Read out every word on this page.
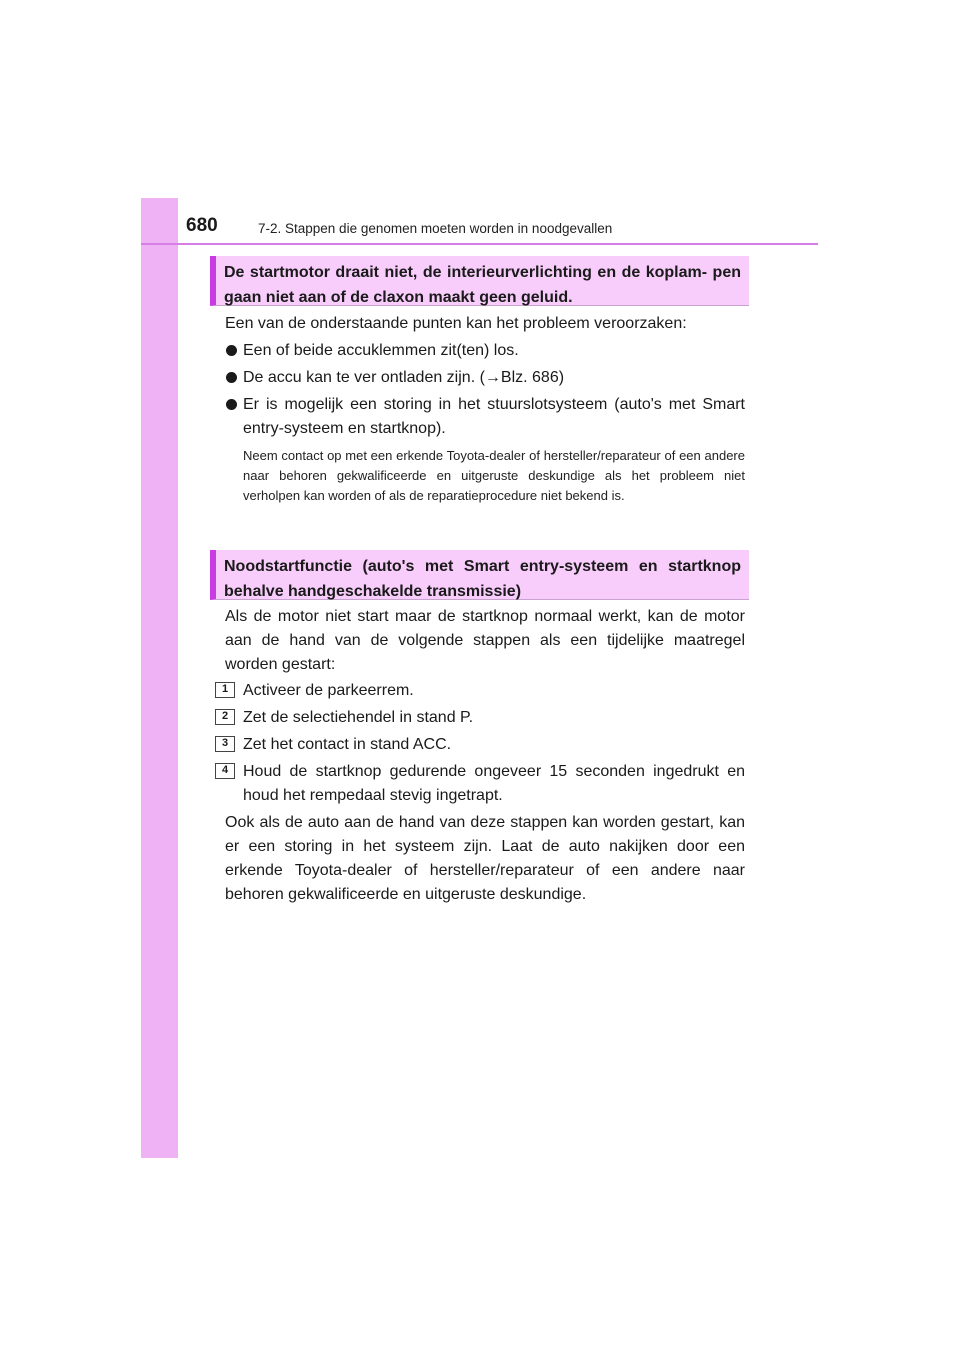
680	7-2. Stappen die genomen moeten worden in noodgevallen
De startmotor draait niet, de interieurverlichting en de koplam- pen gaan niet aan of de claxon maakt geen geluid.
Een van de onderstaande punten kan het probleem veroorzaken:
Een of beide accuklemmen zit(ten) los.
De accu kan te ver ontladen zijn. (→Blz. 686)
Er is mogelijk een storing in het stuurslotsysteem (auto's met Smart entry-systeem en startknop).
Neem contact op met een erkende Toyota-dealer of hersteller/reparateur of een andere naar behoren gekwalificeerde en uitgeruste deskundige als het probleem niet verholpen kan worden of als de reparatieprocedure niet bekend is.
Noodstartfunctie (auto's met Smart entry-systeem en startknop behalve handgeschakelde transmissie)
Als de motor niet start maar de startknop normaal werkt, kan de motor aan de hand van de volgende stappen als een tijdelijke maatregel worden gestart:
1 Activeer de parkeerrem.
2 Zet de selectiehendel in stand P.
3 Zet het contact in stand ACC.
4 Houd de startknop gedurende ongeveer 15 seconden ingedrukt en houd het rempedaal stevig ingetrapt.
Ook als de auto aan de hand van deze stappen kan worden gestart, kan er een storing in het systeem zijn. Laat de auto nakijken door een erkende Toyota-dealer of hersteller/reparateur of een andere naar behoren gekwalificeerde en uitgeruste deskundige.
